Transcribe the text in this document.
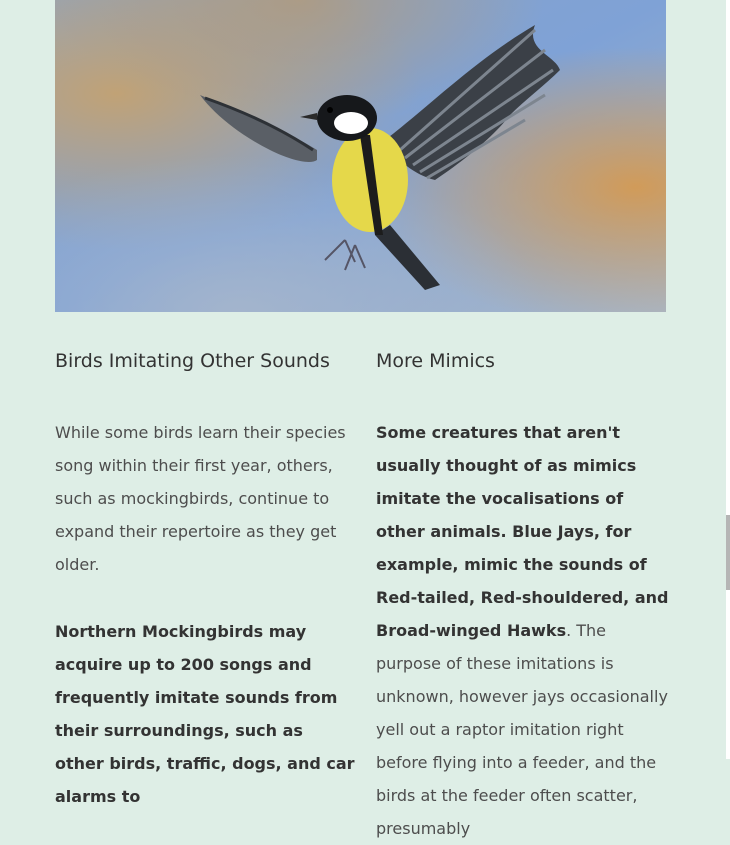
Birds Imitating Other Sounds

While some birds learn their species song within their first year, others, such as mockingbirds, continue to expand their repertoire as they get older.

Northern Mockingbirds may acquire up to 200 songs and frequently imitate sounds from their surroundings, such as other birds, traffic, dogs, and car alarms to

More Mimics

Some creatures that aren't usually thought of as mimics imitate the vocalisations of other animals. Blue Jays, for example, mimic the sounds of Red-tailed, Red-shouldered, and Broad-winged Hawks. The purpose of these imitations is unknown, however jays occasionally yell out a raptor imitation right before flying into a feeder, and the birds at the feeder often scatter, presumably
